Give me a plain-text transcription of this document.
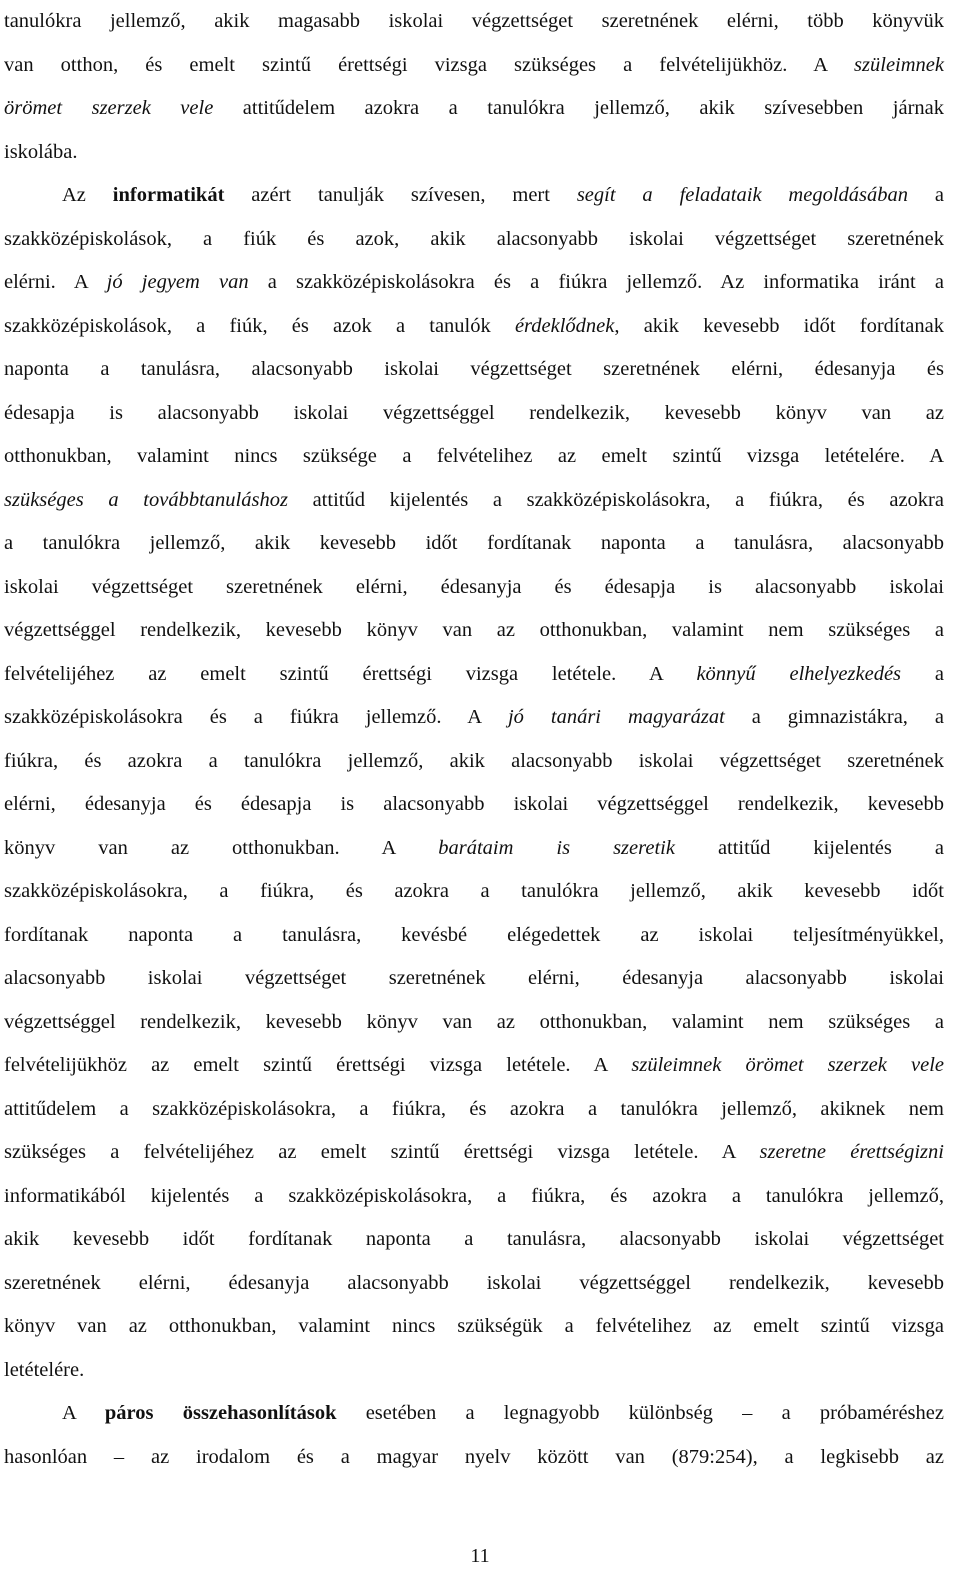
tanulókra jellemző, akik magasabb iskolai végzettséget szeretnének elérni, több könyvük
van otthon, és emelt szintű érettségi vizsga szükséges a felvételijükhöz. A szüleimnek
örömet szerzek vele attitűdelem azokra a tanulókra jellemző, akik szívesebben járnak
iskolába.
Az informatikát azért tanulják szívesen, mert segít a feladataik megoldásában a
szakközépiskolások, a fiúk és azok, akik alacsonyabb iskolai végzettséget szeretnének
elérni. A jó jegyem van a szakközépiskolásokra és a fiúkra jellemző. Az informatika iránt a
szakközépiskolások, a fiúk, és azok a tanulók érdeklődnek, akik kevesebb időt fordítanak
naponta a tanulásra, alacsonyabb iskolai végzettséget szeretnének elérni, édesanyja és
édesapja is alacsonyabb iskolai végzettséggel rendelkezik, kevesebb könyv van az
otthonukban, valamint nincs szüksége a felvételihez az emelt szintű vizsga letételére. A
szükséges a továbbtanuláshoz attitűd kijelentés a szakközépiskolásokra, a fiúkra, és azokra
a tanulókra jellemző, akik kevesebb időt fordítanak naponta a tanulásra, alacsonyabb
iskolai végzettséget szeretnének elérni, édesanyja és édesapja is alacsonyabb iskolai
végzettséggel rendelkezik, kevesebb könyv van az otthonukban, valamint nem szükséges a
felvételijéhez az emelt szintű érettségi vizsga letétele. A könnyű elhelyezkedés a
szakközépiskolásokra és a fiúkra jellemző. A jó tanári magyarázat a gimnazistákra, a
fiúkra, és azokra a tanulókra jellemző, akik alacsonyabb iskolai végzettséget szeretnének
elérni, édesanyja és édesapja is alacsonyabb iskolai végzettséggel rendelkezik, kevesebb
könyv van az otthonukban. A barátaim is szeretik attitűd kijelentés a
szakközépiskolásokra, a fiúkra, és azokra a tanulókra jellemző, akik kevesebb időt
fordítanak naponta a tanulásra, kevésbé elégedettek az iskolai teljesítményükkel,
alacsonyabb iskolai végzettséget szeretnének elérni, édesanyja alacsonyabb iskolai
végzettséggel rendelkezik, kevesebb könyv van az otthonukban, valamint nem szükséges a
felvételijükhöz az emelt szintű érettségi vizsga letétele. A szüleimnek örömet szerzek vele
attitűdelem a szakközépiskolásokra, a fiúkra, és azokra a tanulókra jellemző, akiknek nem
szükséges a felvételijéhez az emelt szintű érettségi vizsga letétele. A szeretne érettségizni
informatikából kijelentés a szakközépiskolásokra, a fiúkra, és azokra a tanulókra jellemző,
akik kevesebb időt fordítanak naponta a tanulásra, alacsonyabb iskolai végzettséget
szeretnének elérni, édesanyja alacsonyabb iskolai végzettséggel rendelkezik, kevesebb
könyv van az otthonukban, valamint nincs szükségük a felvételihez az emelt szintű vizsga
letételére.
A páros összehasonlítások esetében a legnagyobb különbség – a próbaméréshez
hasonlóan – az irodalom és a magyar nyelv között van (879:254), a legkisebb az
11
